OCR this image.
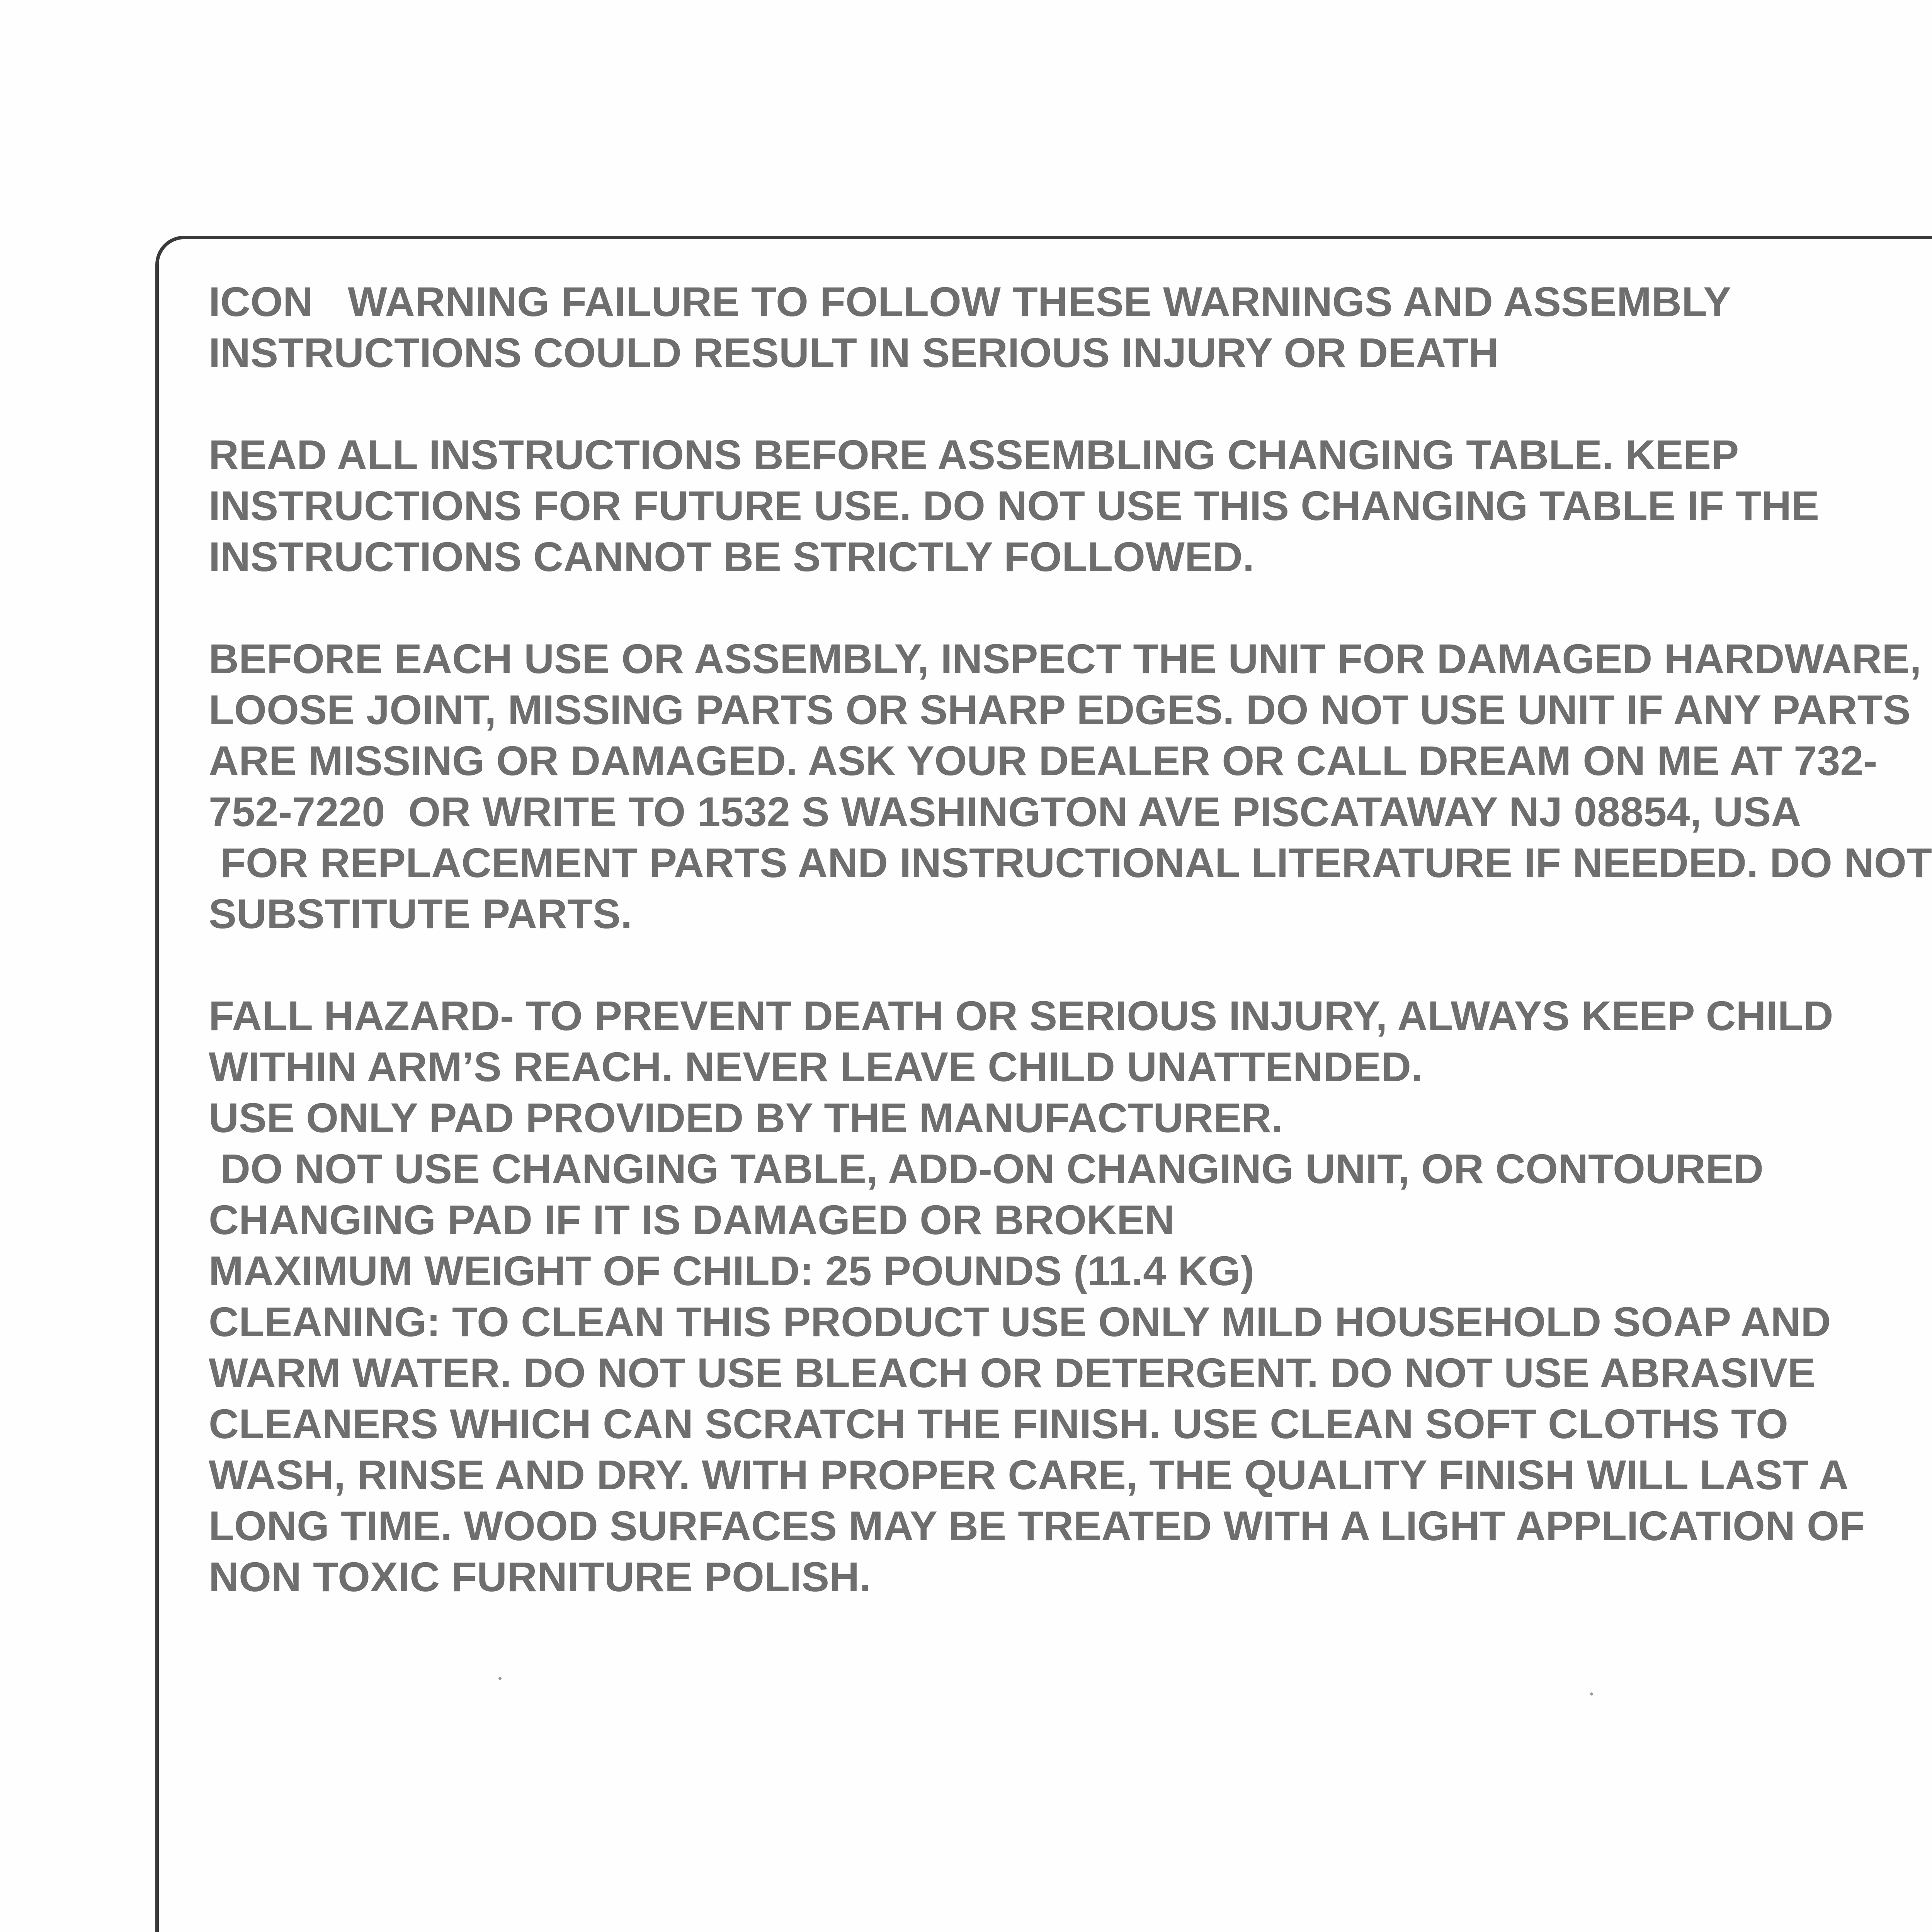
ICON   WARNING FAILURE TO FOLLOW THESE WARNINGS AND ASSEMBLY
INSTRUCTIONS COULD RESULT IN SERIOUS INJURY OR DEATH
READ ALL INSTRUCTIONS BEFORE ASSEMBLING CHANGING TABLE. KEEP
INSTRUCTIONS FOR FUTURE USE. DO NOT USE THIS CHANGING TABLE IF THE
INSTRUCTIONS CANNOT BE STRICTLY FOLLOWED.
BEFORE EACH USE OR ASSEMBLY, INSPECT THE UNIT FOR DAMAGED HARDWARE,
LOOSE JOINT, MISSING PARTS OR SHARP EDGES. DO NOT USE UNIT IF ANY PARTS
ARE MISSING OR DAMAGED. ASK YOUR DEALER OR CALL DREAM ON ME AT 732-
752-7220  OR WRITE TO 1532 S WASHINGTON AVE PISCATAWAY NJ 08854, USA
FOR REPLACEMENT PARTS AND INSTRUCTIONAL LITERATURE IF NEEDED. DO NOT
SUBSTITUTE PARTS.
FALL HAZARD- TO PREVENT DEATH OR SERIOUS INJURY, ALWAYS KEEP CHILD
WITHIN ARM’S REACH. NEVER LEAVE CHILD UNATTENDED.
USE ONLY PAD PROVIDED BY THE MANUFACTURER.
DO NOT USE CHANGING TABLE, ADD-ON CHANGING UNIT, OR CONTOURED
CHANGING PAD IF IT IS DAMAGED OR BROKEN
MAXIMUM WEIGHT OF CHILD: 25 POUNDS (11.4 KG)
CLEANING: TO CLEAN THIS PRODUCT USE ONLY MILD HOUSEHOLD SOAP AND
WARM WATER. DO NOT USE BLEACH OR DETERGENT. DO NOT USE ABRASIVE
CLEANERS WHICH CAN SCRATCH THE FINISH. USE CLEAN SOFT CLOTHS TO
WASH, RINSE AND DRY. WITH PROPER CARE, THE QUALITY FINISH WILL LAST A
LONG TIME. WOOD SURFACES MAY BE TREATED WITH A LIGHT APPLICATION OF
NON TOXIC FURNITURE POLISH.
